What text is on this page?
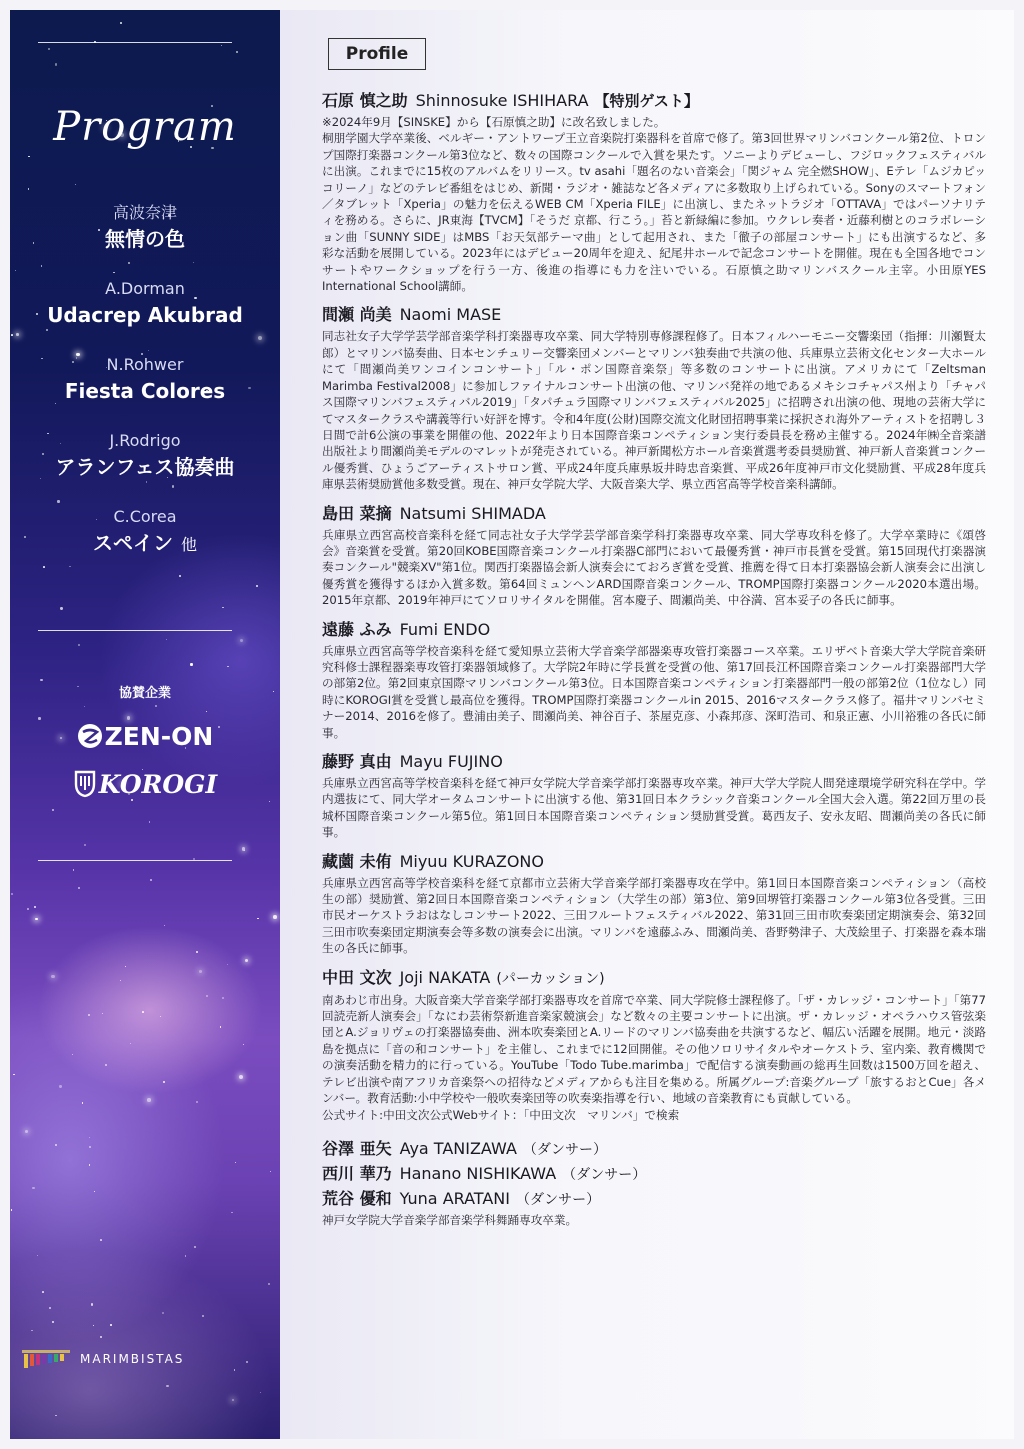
Program
高波奈津
無情の色
A.Dorman
Udacrep Akubrad
N.Rohwer
Fiesta Colores
J.Rodrigo
アランフェス協奏曲
C.Corea
スペイン 他
協賛企業
ZEN-ON
KOROGI
MARIMBISTAS
Profile
石原 慎之助 Shinnosuke ISHIHARA 【特別ゲスト】
※2024年9月【SINSKE】から【石原慎之助】に改名致しました。

桐朋学園大学卒業後、ベルギー・アントワープ王立音楽院打楽器科を首席で修了。第3回世界マリンバコンクール第2位、トロンプ国際打楽器コンクール第3位など、数々の国際コンクールで入賞を果たす。ソニーよりデビューし、フジロックフェスティバルに出演。これまでに15枚のアルバムをリリース。tv asahi「題名のない音楽会」「関ジャム 完全燃SHOW」、Eテレ「ムジカピッコリーノ」などのテレビ番組をはじめ、新聞・ラジオ・雑誌など各メディアに多数取り上げられている。Sonyのスマートフォン／タブレット「Xperia」の魅力を伝えるWEB CM「Xperia FILE」に出演し、またネットラジオ「OTTAVA」ではパーソナリティを務める。さらに、JR東海【TVCM】「そうだ 京都、行こう。」苔と新緑編に参加。ウクレレ奏者・近藤利樹とのコラボレーション曲「SUNNY SIDE」はMBS「お天気部テーマ曲」として起用され、また「徹子の部屋コンサート」にも出演するなど、多彩な活動を展開している。2023年にはデビュー20周年を迎え、紀尾井ホールで記念コンサートを開催。現在も全国各地でコンサートやワークショップを行う一方、後進の指導にも力を注いでいる。石原慎之助マリンバスクール主宰。小田原YES International School講師。

間瀬 尚美 Naomi MASE

同志社女子大学学芸学部音楽学科打楽器専攻卒業、同大学特別専修課程修了。日本フィルハーモニー交響楽団（指揮：川瀬賢太郎）とマリンバ協奏曲、日本センチュリー交響楽団メンバーとマリンバ独奏曲で共演の他、兵庫県立芸術文化センター大ホールにて「間瀬尚美ワンコインコンサート」「ル・ポン国際音楽祭」等多数のコンサートに出演。アメリカにて「Zeltsman Marimba Festival2008」に参加しファイナルコンサート出演の他、マリンバ発祥の地であるメキシコチャパス州より「チャパス国際マリンバフェスティバル2019」「タパチュラ国際マリンバフェスティバル2025」に招聘され出演の他、現地の芸術大学にてマスタークラスや講義等行い好評を博す。令和4年度(公財)国際交流文化財団招聘事業に採択され海外アーティストを招聘し３日間で計6公演の事業を開催の他、2022年より日本国際音楽コンペティション実行委員長を務め主催する。2024年㈱全音楽譜出版社より間瀬尚美モデルのマレットが発売されている。神戸新聞松方ホール音楽賞選考委員奨励賞、神戸新人音楽賞コンクール優秀賞、ひょうごアーティストサロン賞、平成24年度兵庫県坂井時忠音楽賞、平成26年度神戸市文化奨励賞、平成28年度兵庫県芸術奨励賞他多数受賞。現在、神戸女学院大学、大阪音楽大学、県立西宮高等学校音楽科講師。

島田 菜摘 Natsumi SHIMADA

兵庫県立西宮高校音楽科を経て同志社女子大学学芸学部音楽学科打楽器専攻卒業、同大学専攻科を修了。大学卒業時に《頌啓会》音楽賞を受賞。第20回KOBE国際音楽コンクール打楽器C部門において最優秀賞・神戸市長賞を受賞。第15回現代打楽器演奏コンクール"競楽XV"第1位。関西打楽器協会新人演奏会にておろぎ賞を受賞、推薦を得て日本打楽器協会新人演奏会に出演し優秀賞を獲得するほか入賞多数。第64回ミュンヘンARD国際音楽コンクール、TROMP国際打楽器コンクール2020本選出場。2015年京都、2019年神戸にてソロリサイタルを開催。宮本慶子、間瀬尚美、中谷満、宮本妥子の各氏に師事。

遠藤 ふみ Fumi ENDO

兵庫県立西宮高等学校音楽科を経て愛知県立芸術大学音楽学部器楽専攻管打楽器コース卒業。エリザベト音楽大学大学院音楽研究科修士課程器楽専攻管打楽器領域修了。大学院2年時に学長賞を受賞の他、第17回長江杯国際音楽コンクール打楽器部門大学の部第2位。第2回東京国際マリンバコンクール第3位。日本国際音楽コンペティション打楽器部門一般の部第2位（1位なし）同時にKOROGI賞を受賞し最高位を獲得。TROMP国際打楽器コンクールin 2015、2016マスタークラス修了。福井マリンバセミナー2014、2016を修了。豊浦由美子、間瀬尚美、神谷百子、茶屋克彦、小森邦彦、深町浩司、和泉正憲、小川裕雅の各氏に師事。

藤野 真由 Mayu FUJINO

兵庫県立西宮高等学校音楽科を経て神戸女学院大学音楽学部打楽器専攻卒業。神戸大学大学院人間発達環境学研究科在学中。学内選抜にて、同大学オータムコンサートに出演する他、第31回日本クラシック音楽コンクール全国大会入選。第22回万里の長城杯国際音楽コンクール第5位。第1回日本国際音楽コンペティション奨励賞受賞。葛西友子、安永友昭、間瀬尚美の各氏に師事。

藏薗 未侑 Miyuu KURAZONO

兵庫県立西宮高等学校音楽科を経て京都市立芸術大学音楽学部打楽器専攻在学中。第1回日本国際音楽コンペティション（高校生の部）奨励賞、第2回日本国際音楽コンペティション（大学生の部）第3位、第9回堺管打楽器コンクール第3位各受賞。三田市民オーケストラおはなしコンサート2022、三田フルートフェスティバル2022、第31回三田市吹奏楽団定期演奏会、第32回三田市吹奏楽団定期演奏会等多数の演奏会に出演。マリンバを遠藤ふみ、間瀬尚美、沓野勢津子、大茂絵里子、打楽器を森本瑞生の各氏に師事。

中田 文次 Joji NAKATA (パーカッション)

南あわじ市出身。大阪音楽大学音楽学部打楽器専攻を首席で卒業、同大学院修士課程修了。「ザ・カレッジ・コンサート」「第77回読売新人演奏会」「なにわ芸術祭新進音楽家競演会」など数々の主要コンサートに出演。ザ・カレッジ・オペラハウス管弦楽団とA.ジョリヴェの打楽器協奏曲、洲本吹奏楽団とA.リードのマリンバ協奏曲を共演するなど、幅広い活躍を展開。地元・淡路島を拠点に「音の和コンサート」を主催し、これまでに12回開催。その他ソロリサイタルやオーケストラ、室内楽、教育機関での演奏活動を精力的に行っている。YouTube「Todo Tube.marimba」で配信する演奏動画の総再生回数は1500万回を超え、テレビ出演や南アフリカ音楽祭への招待などメディアからも注目を集める。所属グループ:音楽グループ「旅するおとCue」各メンバー。教育活動:小中学校や一般吹奏楽団等の吹奏楽指導を行い、地域の音楽教育にも貢献している。

公式サイト:中田文次公式Webサイト：「中田文次　マリンバ」で検索
谷澤 亜矢 Aya TANIZAWA （ダンサー）
西川 華乃 Hanano NISHIKAWA （ダンサー）
荒谷 優和 Yuna ARATANI （ダンサー）
神戸女学院大学音楽学部音楽学科舞踊専攻卒業。
